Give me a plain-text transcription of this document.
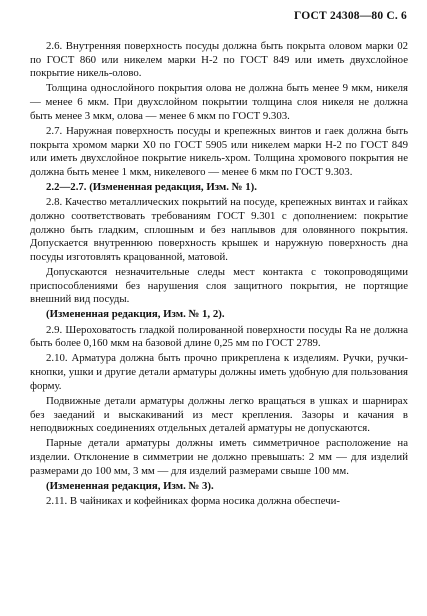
ГОСТ 24308—80 С. 6

2.6. Внутренняя поверхность посуды должна быть покрыта оловом марки 02 по ГОСТ 860 или никелем марки Н-2 по ГОСТ 849 или иметь двухслойное покрытие никель-олово.

Толщина однослойного покрытия олова не должна быть менее 9 мкм, никеля — менее 6 мкм. При двухслойном покрытии толщина слоя никеля не должна быть менее 3 мкм, олова — менее 6 мкм по ГОСТ 9.303.

2.7. Наружная поверхность посуды и крепежных винтов и гаек должна быть покрыта хромом марки Х0 по ГОСТ 5905 или никелем марки Н-2 по ГОСТ 849 или иметь двухслойное покрытие никель-хром. Толщина хромового покрытия не должна быть менее 1 мкм, никелевого — менее 6 мкм по ГОСТ 9.303.

2.2—2.7. (Измененная редакция, Изм. № 1).

2.8. Качество металлических покрытий на посуде, крепежных винтах и гайках должно соответствовать требованиям ГОСТ 9.301 с дополнением: покрытие должно быть гладким, сплошным и без наплывов для оловянного покрытия. Допускается внутреннюю поверхность крышек и наружную поверхность дна посуды изготовлять крацованной, матовой.

Допускаются незначительные следы мест контакта с токопроводящими приспособлениями без нарушения слоя защитного покрытия, не портящие внешний вид посуды.

(Измененная редакция, Изм. № 1, 2).

2.9. Шероховатость гладкой полированной поверхности посуды Ra не должна быть более 0,160 мкм на базовой длине 0,25 мм по ГОСТ 2789.

2.10. Арматура должна быть прочно прикреплена к изделиям. Ручки, ручки-кнопки, ушки и другие детали арматуры должны иметь удобную для пользования форму.

Подвижные детали арматуры должны легко вращаться в ушках и шарнирах без заеданий и выскакиваний из мест крепления. Зазоры и качания в неподвижных соединениях отдельных деталей арматуры не допускаются.

Парные детали арматуры должны иметь симметричное расположение на изделии. Отклонение в симметрии не должно превышать: 2 мм — для изделий размерами до 100 мм, 3 мм — для изделий размерами свыше 100 мм.

(Измененная редакция, Изм. № 3).

2.11. В чайниках и кофейниках форма носика должна обеспечи-
